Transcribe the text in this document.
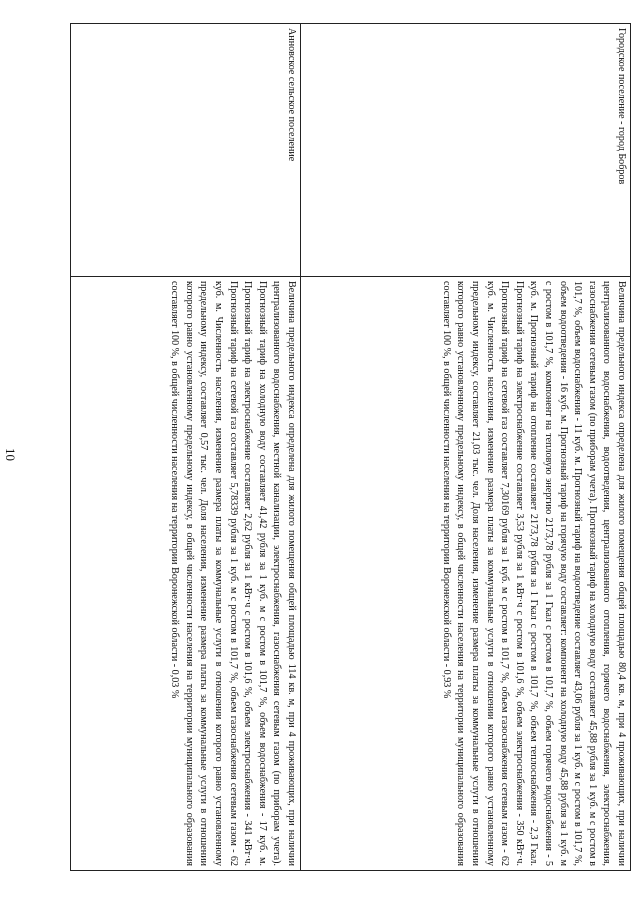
10
Городское поселение - город Бобров	Величина предельного индекса определена для жилого помещения общей площадью 80,4 кв. м, при 4 проживающих, при наличии централизованного водоснабжения, водоотведения, централизованного отопления, горячего водоснабжения, электроснабжения, газоснабжения сетевым газом (по приборам учета). Прогнозный тариф на холодную воду составляет 45,88 рубля за 1 куб. м с ростом в 101,7 %, объем водоснабжения - 11 куб. м. Прогнозный тариф на водоотведение составляет 43,06 рубля за 1 куб. м с ростом в 101,7 %, объем водоотведения - 16 куб. м. Прогнозный тариф на горячую воду составляет: компонент на холодную воду 45,88 рубля за 1 куб. м с ростом в 101,7 %, компонент на тепловую энергию 2173,78 рубля за 1 Гкал с ростом в 101,7 %, объем горячего водоснабжения - 5 куб. м. Прогнозный тариф на отопление составляет 2173,78 рубля за 1 Гкал с ростом в 101,7 %, объем теплоснабжения - 2,3 Гкал. Прогнозный тариф на электроснабжение составляет 3,53 рубля за 1 кВт·ч с ростом в 101,6 %, объем электроснабжения - 350 кВт·ч. Прогнозный тариф на сетевой газ составляет 7,30169 рубля за 1 куб. м с ростом в 101,7 %, объем газоснабжения сетевым газом - 62 куб. м. Численность населения, изменение размера платы за коммунальные услуги в отношении которого равно установленному предельному индексу, составляет 21,03 тыс. чел. Доля населения, изменение размера платы за коммунальные услуги в отношении которого равно установленному предельному индексу, в общей численности населения на территории муниципального образования составляет 100 %, в общей численности населения на территории Воронежской области - 0,93 %
Анновское сельское поселение	Величина предельного индекса определена для жилого помещения общей площадью 114 кв. м, при 4 проживающих, при наличии централизованного водоснабжения, местной канализации, электроснабжения, газоснабжения сетевым газом (по приборам учета). Прогнозный тариф на холодную воду составляет 41,42 рубля за 1 куб. м с ростом в 101,7 %, объем водоснабжения - 17 куб. м. Прогнозный тариф на электроснабжение составляет 2,62 рубля за 1 кВт·ч с ростом в 101,6 %, объем электроснабжения - 341 кВт·ч. Прогнозный тариф на сетевой газ составляет 5,78339 рубля за 1 куб. м с ростом в 101,7 %, объем газоснабжения сетевым газом - 62 куб. м. Численность населения, изменение размера платы за коммунальные услуги в отношении которого равно установленному предельному индексу, составляет 0,57 тыс. чел. Доля населения, изменение размера платы за коммунальные услуги в отношении которого равно установленному предельному индексу, в общей численности населения на территории муниципального образования составляет 100 %, в общей численности населения на территории Воронежской области - 0,03 %
